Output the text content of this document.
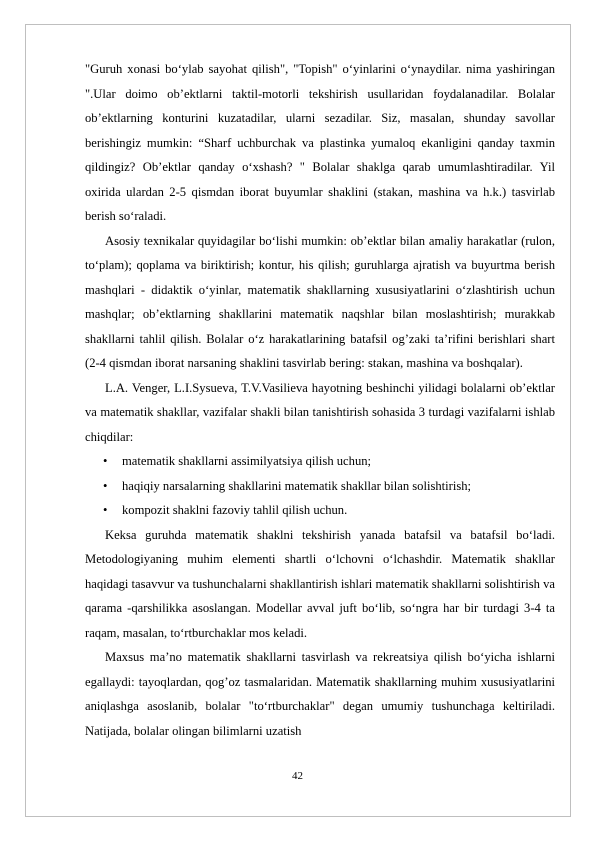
"Guruh xonasi bo‘ylab sayohat qilish", "Topish" o‘yinlarini o‘ynaydilar. nima yashiringan ".Ular doimo ob’ektlarni taktil-motorli tekshirish usullaridan foydalanadilar. Bolalar ob’ektlarning konturini kuzatadilar, ularni sezadilar. Siz, masalan, shunday savollar berishingiz mumkin: “Sharf uchburchak va plastinka yumaloq ekanligini qanday taxmin qildingiz? Ob’ektlar qanday o‘xshash? " Bolalar shaklga qarab umumlashtiradilar. Yil oxirida ulardan 2-5 qismdan iborat buyumlar shaklini (stakan, mashina va h.k.) tasvirlab berish so‘raladi.

Asosiy texnikalar quyidagilar bo‘lishi mumkin: ob’ektlar bilan amaliy harakatlar (rulon, to‘plam); qoplama va biriktirish; kontur, his qilish; guruhlarga ajratish va buyurtma berish mashqlari - didaktik o‘yinlar, matematik shakllarning xususiyatlarini o‘zlashtirish uchun mashqlar; ob’ektlarning shakllarini matematik naqshlar bilan moslashtirish; murakkab shakllarni tahlil qilish. Bolalar o‘z harakatlarining batafsil og’zaki ta’rifini berishlari shart (2-4 qismdan iborat narsaning shaklini tasvirlab bering: stakan, mashina va boshqalar).

L.A. Venger, L.I.Sysueva, T.V.Vasilieva hayotning beshinchi yilidagi bolalarni ob’ektlar va matematik shakllar, vazifalar shakli bilan tanishtirish sohasida 3 turdagi vazifalarni ishlab chiqdilar:

• matematik shakllarni assimilyatsiya qilish uchun;
• haqiqiy narsalarning shakllarini matematik shakllar bilan solishtirish;
• kompozit shaklni fazoviy tahlil qilish uchun.

Keksa guruhda matematik shaklni tekshirish yanada batafsil va batafsil bo‘ladi. Metodologiyaning muhim elementi shartli o‘lchovni o‘lchashdir. Matematik shakllar haqidagi tasavvur va tushunchalarni shakllantirish ishlari matematik shakllarni solishtirish va qarama -qarshilikka asoslangan. Modellar avval juft bo‘lib, so‘ngra har bir turdagi 3-4 ta raqam, masalan, to‘rtburchaklar mos keladi.

Maxsus ma’no matematik shakllarni tasvirlash va rekreatsiya qilish bo‘yicha ishlarni egallaydi: tayoqlardan, qog’oz tasmalaridan. Matematik shakllarning muhim xususiyatlarini aniqlashga asoslanib, bolalar "to‘rtburchaklar" degan umumiy tushunchaga keltiriladi. Natijada, bolalar olingan bilimlarni uzatish

42
